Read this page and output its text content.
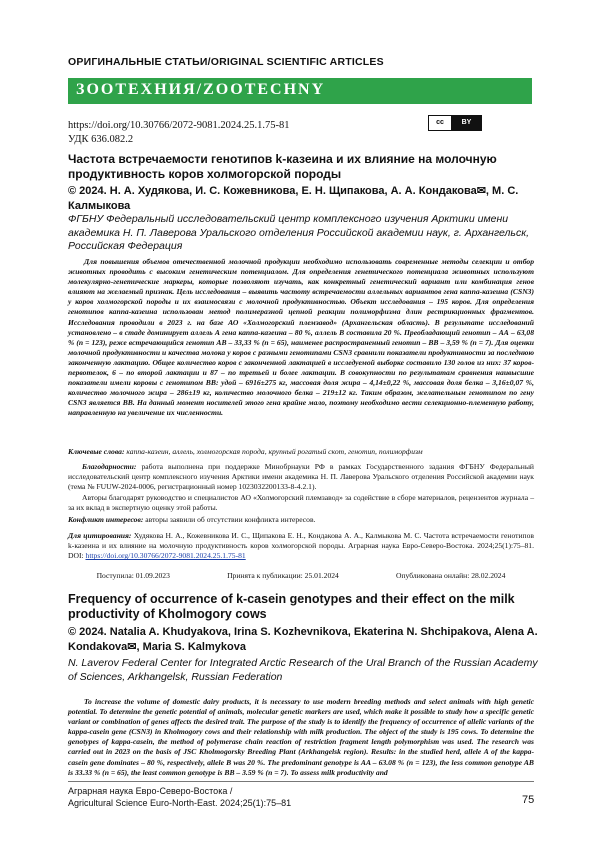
ОРИГИНАЛЬНЫЕ СТАТЬИ/ORIGINAL SCIENTIFIC ARTICLES
ЗООТЕХНИЯ/ZOOTECHNY
https://doi.org/10.30766/2072-9081.2024.25.1.75-81
УДК 636.082.2
cc	BY
Частота встречаемости генотипов k-казеина и их влияние на молочную продуктивность коров холмогорской породы
© 2024. Н. А. Худякова, И. С. Кожевникова, Е. Н. Щипакова, А. А. Кондакова✉, М. С. Калмыкова
ФГБНУ Федеральный исследовательский центр комплексного изучения Арктики имени академика Н. П. Лаверова Уральского отделения Российской академии наук, г. Архангельск, Российская Федерация
Для повышения объемов отечественной молочной продукции необходимо использовать современные методы селекции и отбор животных проводить с высоким генетическим потенциалом. Для определения генетического потенциала животных используют молекулярно-генетические маркеры, которые позволяют изучать, как конкретный генетический вариант или комбинация генов влияют на желаемый признак. Цель исследования – выявить частоту встречаемости аллельных вариантов гена каппа-казеина (CSN3) у коров холмогорской породы и их взаимосвязи с молочной продуктивностью. Объект исследования – 195 коров. Для определения генотипов каппа-казеина использован метод полимеразной цепной реакции полиморфизма длин рестрикционных фрагментов. Исследования проводили в 2023 г. на базе АО «Холмогорский племзавод» (Архангельская область). В результате исследований установлено – в стаде доминирует аллель А гена каппа-казеина – 80 %, аллель В составила 20 %. Преобладающий генотип – АА – 63,08 % (n = 123), реже встречающийся генотип АВ – 33,33 % (n = 65), наименее распространенный генотип – ВВ – 3,59 % (n = 7). Для оценки молочной продуктивности и качества молока у коров с разными генотипами CSN3 сравнили показатели продуктивности за последнюю законченную лактацию. Общее количество коров с законченной лактацией в исследуемой выборке составило 130 голов из них: 37 коров-первотелок, 6 – по второй лактации и 87 – по третьей и более лактации. В совокупности по результатам сравнения наивысшие показатели имели коровы с генотипом ВВ: удой – 6916±275 кг, массовая доля жира – 4,14±0,22 %, массовая доля белка – 3,16±0,07 %, количество молочного жира – 286±19 кг, количество молочного белка – 219±12 кг. Таким образом, желательным генотипом по гену CSN3 является ВВ. На данный момент носителей этого гена крайне мало, поэтому необходимо вести селекционно-племенную работу, направленную на увеличение их численности.
Ключевые слова: каппа-казеин, аллель, холмогорская порода, крупный рогатый скот, генотип, полиморфизм
Благодарности: работа выполнена при поддержке Минобрнауки РФ в рамках Государственного задания ФГБНУ Федеральный исследовательский центр комплексного изучения Арктики имени академика Н. П. Лаверова Уральского отделения Российской академии наук (тема № FUUW-2024-0006, регистрационный номер 1023032200133-8-4.2.1).
Авторы благодарят руководство и специалистов АО «Холмогорский племзавод» за содействие в сборе материалов, рецензентов журнала – за их вклад в экспертную оценку этой работы.
Конфликт интересов: авторы заявили об отсутствии конфликта интересов.
Для цитирования: Худякова Н. А., Кожевникова И. С., Щипакова Е. Н., Кондакова А. А., Калмыкова М. С. Частота встречаемости генотипов k-казеина и их влияние на молочную продуктивность коров холмогорской породы. Аграрная наука Евро-Северо-Востока. 2024;25(1):75–81. DOI: https://doi.org/10.30766/2072-9081.2024.25.1.75-81
Поступила: 01.09.2023	Принята к публикации: 25.01.2024	Опубликована онлайн: 28.02.2024
Frequency of occurrence of k-casein genotypes and their effect on the milk productivity of Kholmogory cows
© 2024. Natalia A. Khudyakova, Irina S. Kozhevnikova, Ekaterina N. Shchipakova, Alena A. Kondakova✉, Maria S. Kalmykova
N. Laverov Federal Center for Integrated Arctic Research of the Ural Branch of the Russian Academy of Sciences, Arkhangelsk, Russian Federation
To increase the volume of domestic dairy products, it is necessary to use modern breeding methods and select animals with high genetic potential. To determine the genetic potential of animals, molecular genetic markers are used, which make it possible to study how a specific genetic variant or combination of genes affects the desired trait. The purpose of the study is to identify the frequency of occurrence of allelic variants of the kappa-casein gene (CSN3) in Kholmogory cows and their relationship with milk production. The object of the study is 195 cows. To determine the genotypes of kappa-casein, the method of polymerase chain reaction of restriction fragment length polymorphism was used. The research was carried out in 2023 on the basis of JSC Kholmogorsky Breeding Plant (Arkhangelsk region). Results: in the studied herd, allele A of the kappa-casein gene dominates – 80 %, respectively, allele B was 20 %. The predominant genotype is AA – 63.08 % (n = 123), the less common genotype AB is 33.33 % (n = 65), the least common genotype is BB – 3.59 % (n = 7). To assess milk productivity and
Аграрная наука Евро-Северо-Востока /
Agricultural Science Euro-North-East. 2024;25(1):75–81	75
